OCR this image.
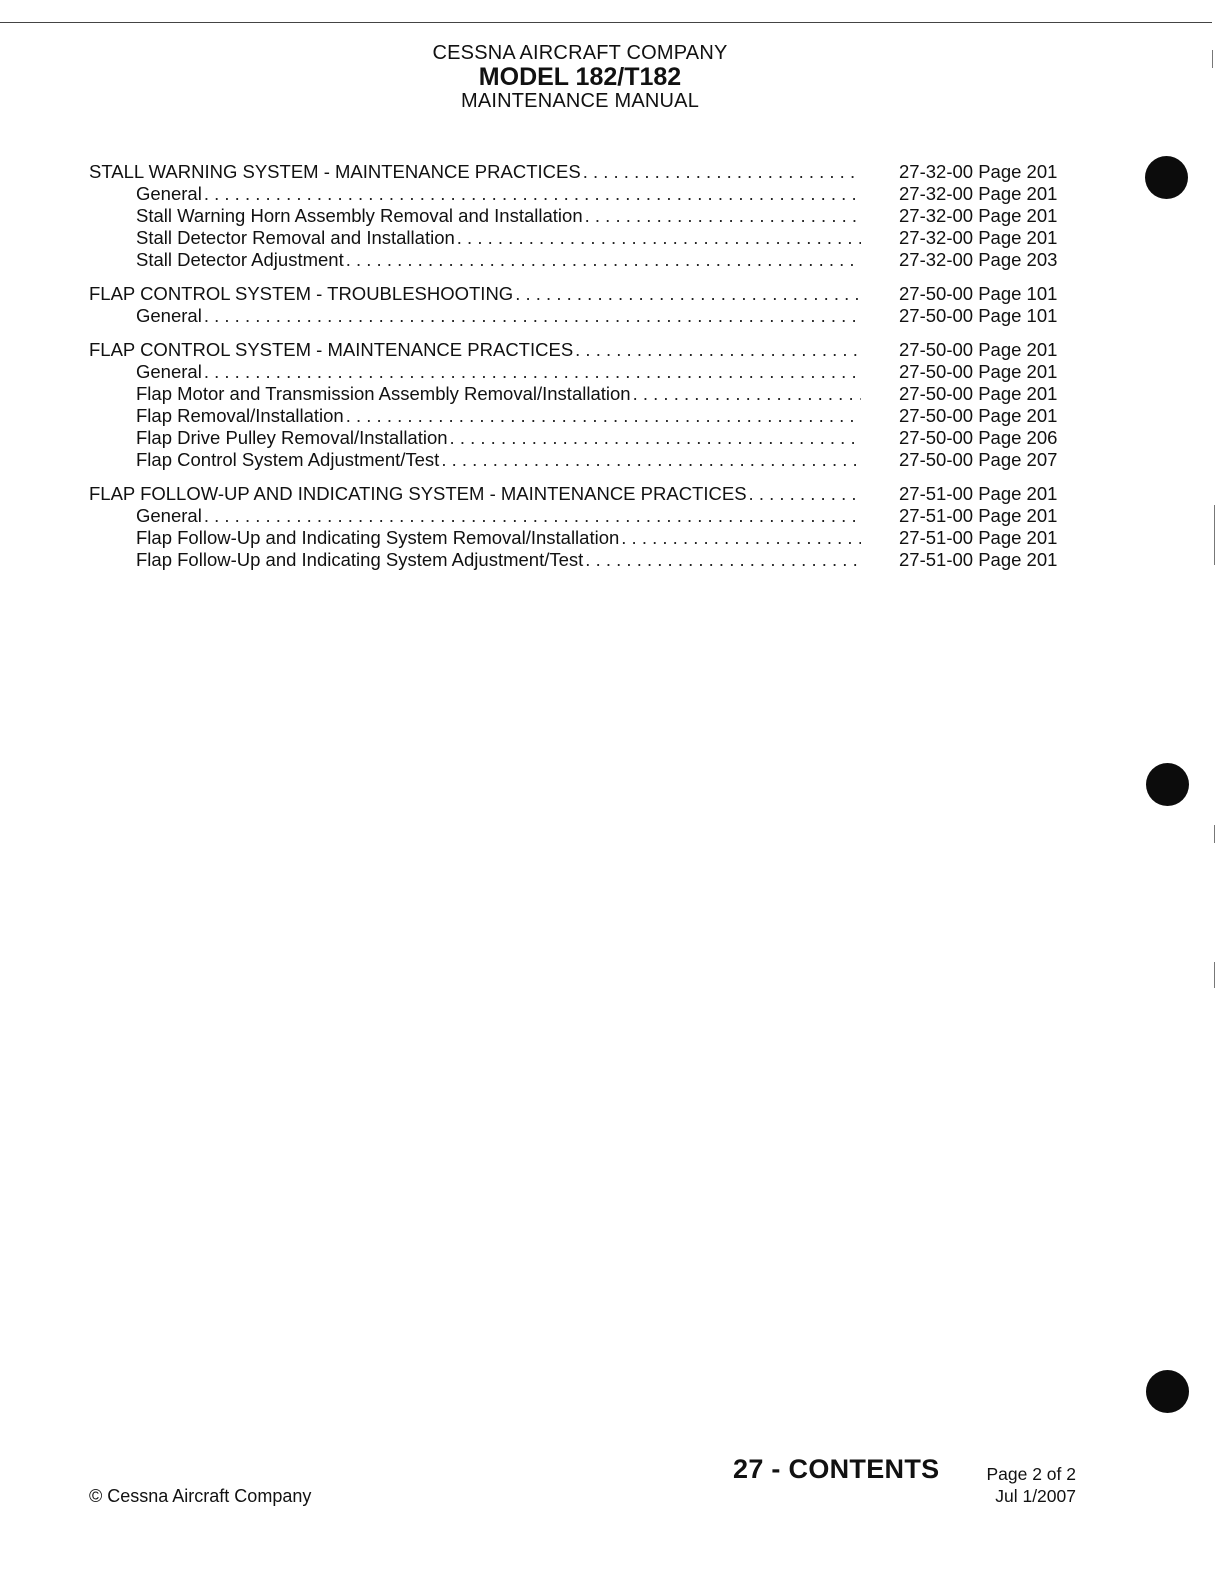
CESSNA AIRCRAFT COMPANY
MODEL 182/T182
MAINTENANCE MANUAL
STALL WARNING SYSTEM - MAINTENANCE PRACTICES . . .	27-32-00 Page 201
General . . .	27-32-00 Page 201
Stall Warning Horn Assembly Removal and Installation . . .	27-32-00 Page 201
Stall Detector Removal and Installation . . .	27-32-00 Page 201
Stall Detector Adjustment . . .	27-32-00 Page 203
FLAP CONTROL SYSTEM - TROUBLESHOOTING . . .	27-50-00 Page 101
General . . .	27-50-00 Page 101
FLAP CONTROL SYSTEM - MAINTENANCE PRACTICES . . .	27-50-00 Page 201
General . . .	27-50-00 Page 201
Flap Motor and Transmission Assembly Removal/Installation . . .	27-50-00 Page 201
Flap Removal/Installation . . .	27-50-00 Page 201
Flap Drive Pulley Removal/Installation . . .	27-50-00 Page 206
Flap Control System Adjustment/Test . . .	27-50-00 Page 207
FLAP FOLLOW-UP AND INDICATING SYSTEM - MAINTENANCE PRACTICES . . .	27-51-00 Page 201
General . . .	27-51-00 Page 201
Flap Follow-Up and Indicating System Removal/Installation . . .	27-51-00 Page 201
Flap Follow-Up and Indicating System Adjustment/Test . . .	27-51-00 Page 201
© Cessna Aircraft Company
27 - CONTENTS	Page 2 of 2
Jul 1/2007
